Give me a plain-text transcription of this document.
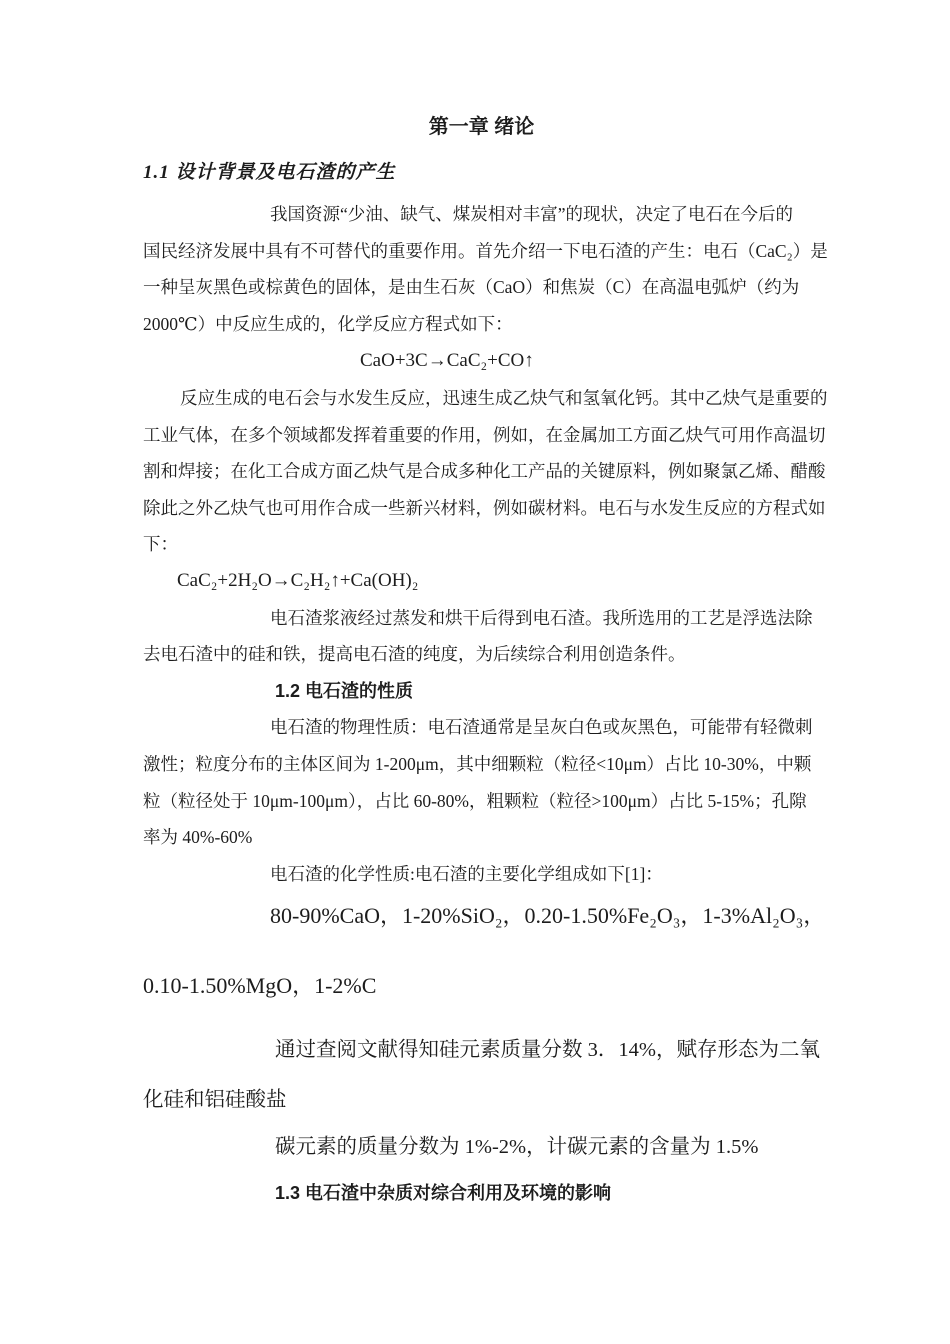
第一章 绪论
1.1 设计背景及电石渣的产生
我国资源“少油、缺气、煤炭相对丰富”的现状，决定了电石在今后的
国民经济发展中具有不可替代的重要作用。首先介绍一下电石渣的产生：电石（CaC₂）是
一种呈灰黑色或棕黄色的固体，是由生石灰（CaO）和焦炭（C）在高温电弧炉（约为
2000℃）中反应生成的，化学反应方程式如下：
CaO+3C→CaC₂+CO↑
反应生成的电石会与水发生反应，迅速生成乙炔气和氢氧化钙。其中乙炔气是重要的
工业气体，在多个领域都发挥着重要的作用，例如，在金属加工方面乙炔气可用作高温切
割和焊接；在化工合成方面乙炔气是合成多种化工产品的关键原料，例如聚氯乙烯、醋酸
除此之外乙炔气也可用作合成一些新兴材料，例如碳材料。电石与水发生反应的方程式如
下：
CaC₂+2H₂O→C₂H₂↑+Ca(OH)₂
电石渣浆液经过蒸发和烘干后得到电石渣。我所选用的工艺是浮选法除
去电石渣中的硅和铁，提高电石渣的纯度，为后续综合利用创造条件。
1.2 电石渣的性质
电石渣的物理性质：电石渣通常是呈灰白色或灰黑色，可能带有轻微刺
激性；粒度分布的主体区间为 1-200μm，其中细颗粒（粒径<10μm）占比 10-30%，中颗
粒（粒径处于 10μm-100μm），占比 60-80%，粗颗粒（粒径>100μm）占比 5-15%；孔隙
率为 40%-60%
电石渣的化学性质:电石渣的主要化学组成如下[1]：
80-90%CaO，1-20%SiO₂，0.20-1.50%Fe₂O₃，1-3%Al₂O₃，
0.10-1.50%MgO，1-2%C
通过查阅文献得知硅元素质量分数 3．14%，赋存形态为二氧
化硅和铝硅酸盐
碳元素的质量分数为 1%-2%，计碳元素的含量为 1.5%
1.3 电石渣中杂质对综合利用及环境的影响
